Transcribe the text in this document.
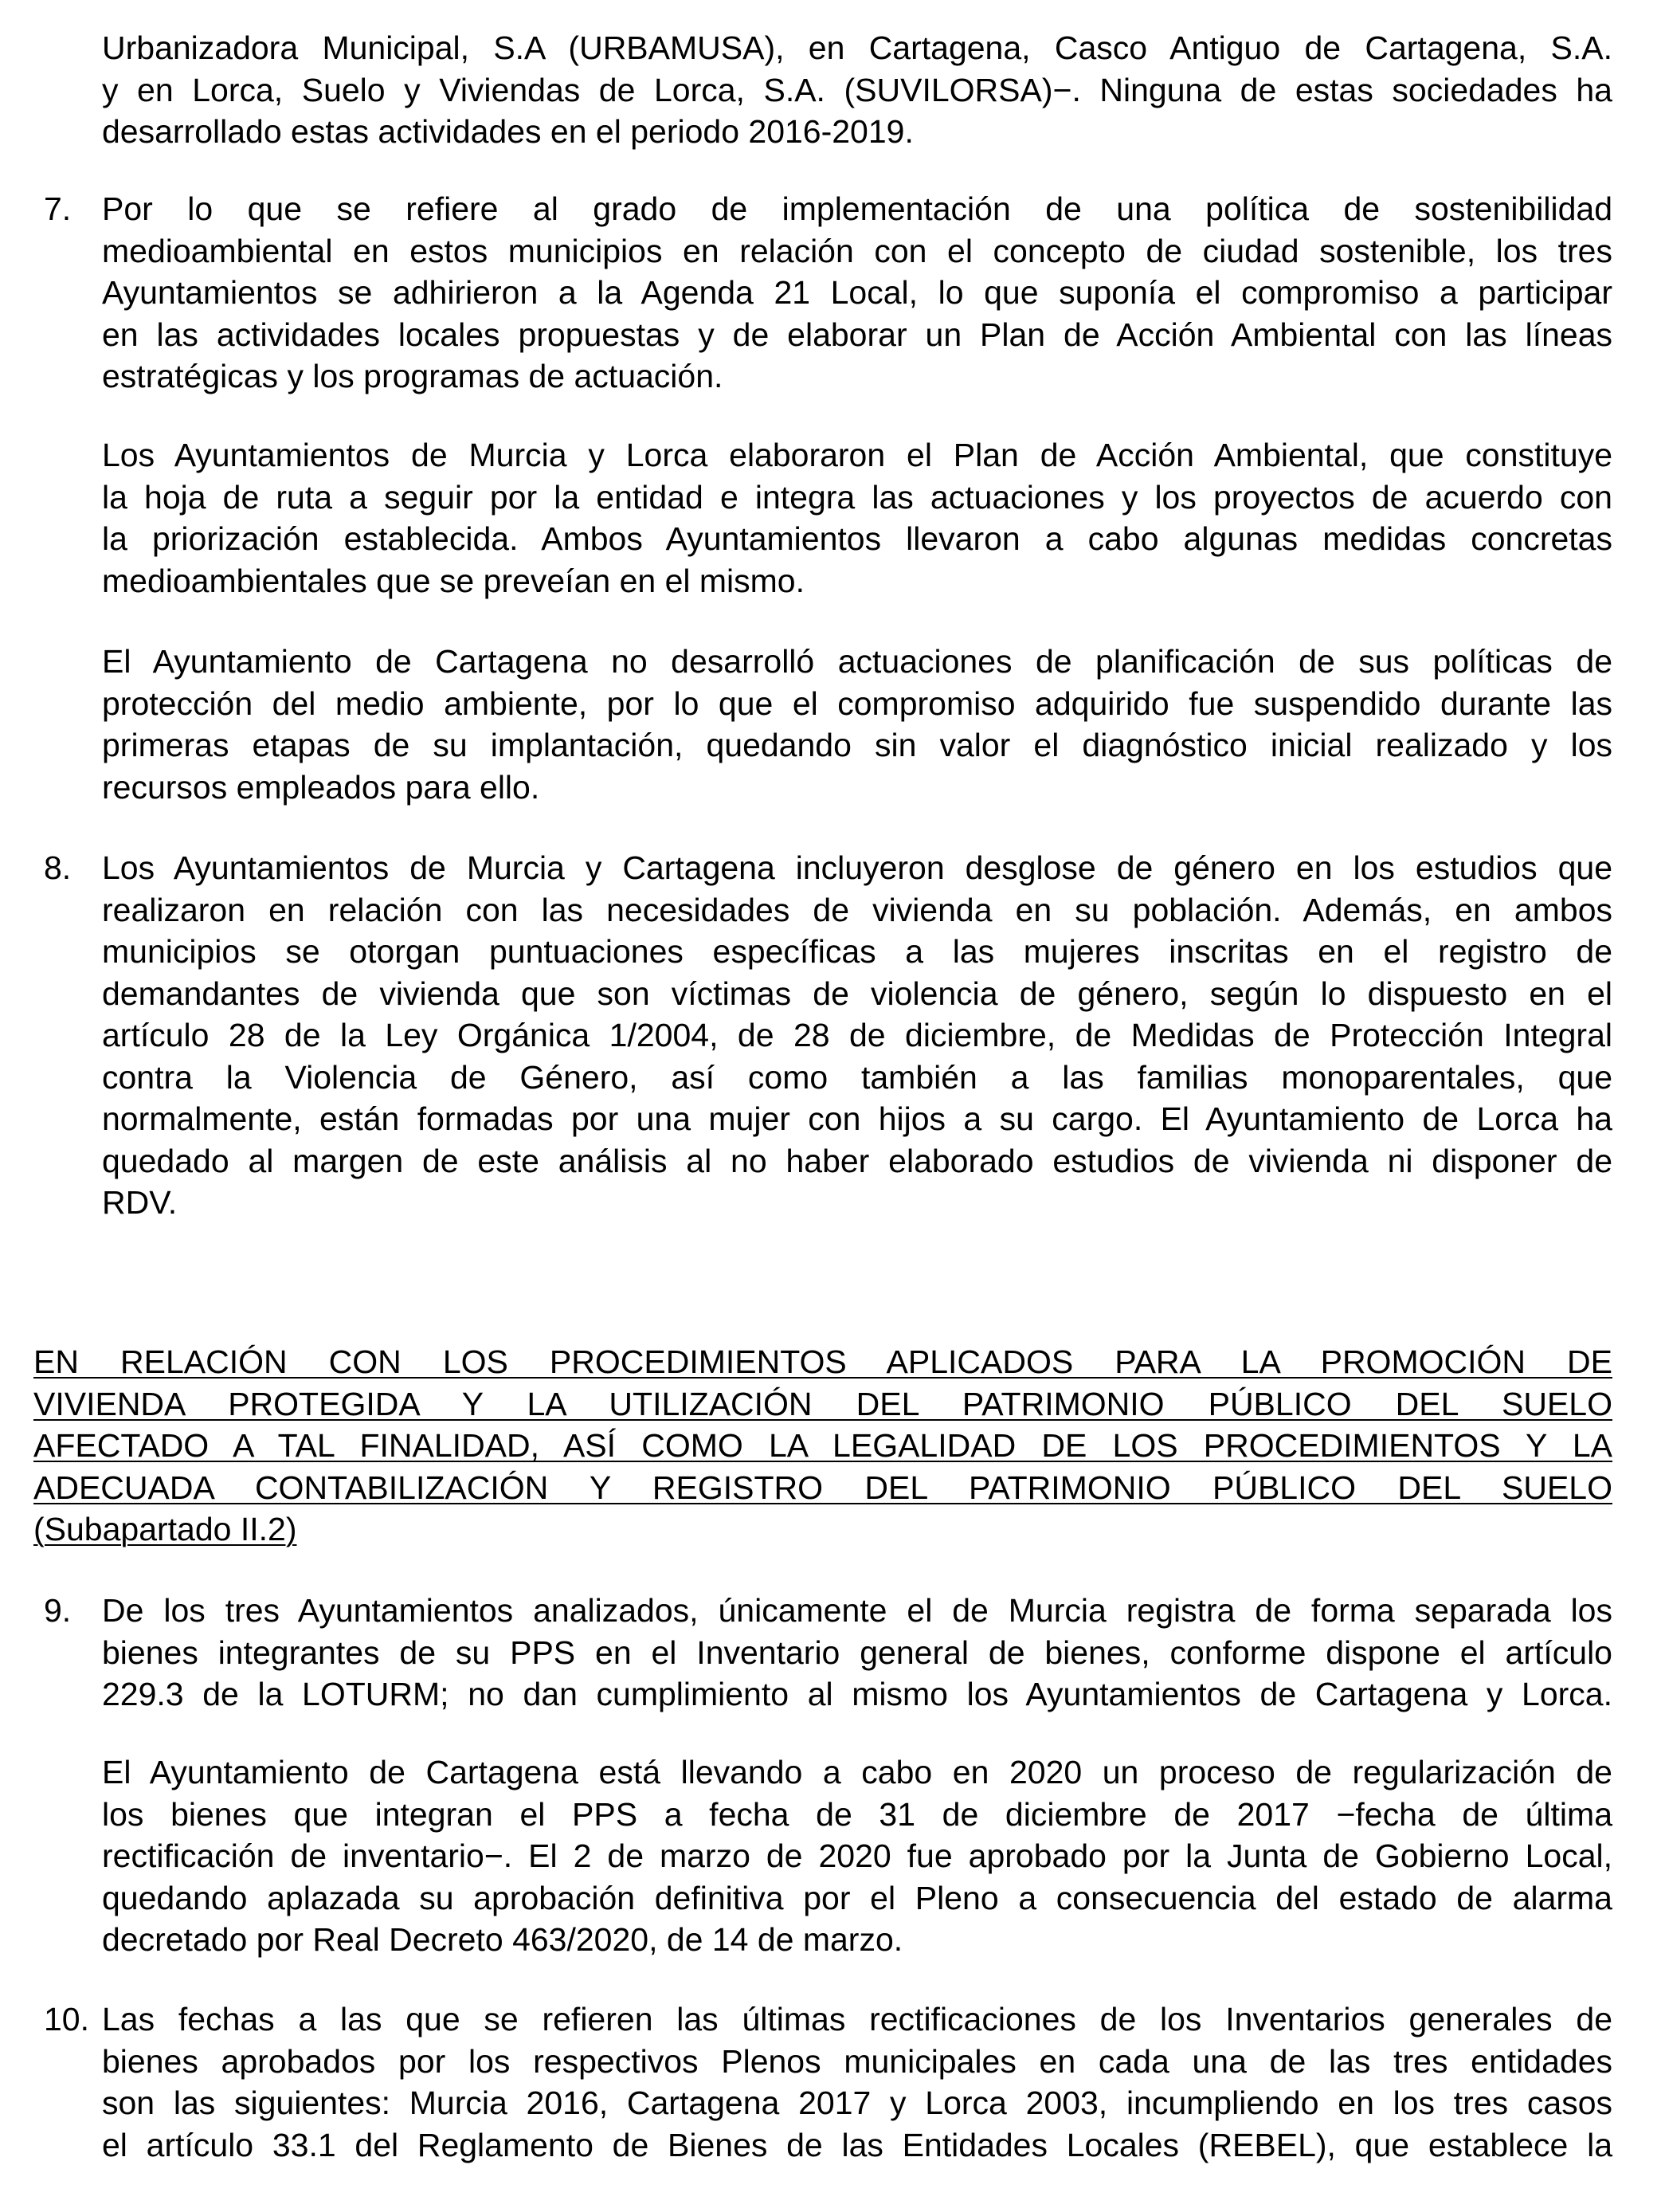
Urbanizadora Municipal, S.A (URBAMUSA), en Cartagena, Casco Antiguo de Cartagena, S.A.
y en Lorca, Suelo y Viviendas de Lorca, S.A. (SUVILORSA)−. Ninguna de estas sociedades ha
desarrollado estas actividades en el periodo 2016-2019.
7. Por lo que se refiere al grado de implementación de una política de sostenibilidad
medioambiental en estos municipios en relación con el concepto de ciudad sostenible, los tres
Ayuntamientos se adhirieron a la Agenda 21 Local, lo que suponía el compromiso a participar
en las actividades locales propuestas y de elaborar un Plan de Acción Ambiental con las líneas
estratégicas y los programas de actuación.
Los Ayuntamientos de Murcia y Lorca elaboraron el Plan de Acción Ambiental, que constituye
la hoja de ruta a seguir por la entidad e integra las actuaciones y los proyectos de acuerdo con
la priorización establecida. Ambos Ayuntamientos llevaron a cabo algunas medidas concretas
medioambientales que se preveían en el mismo.
El Ayuntamiento de Cartagena no desarrolló actuaciones de planificación de sus políticas de
protección del medio ambiente, por lo que el compromiso adquirido fue suspendido durante las
primeras etapas de su implantación, quedando sin valor el diagnóstico inicial realizado y los
recursos empleados para ello.
8. Los Ayuntamientos de Murcia y Cartagena incluyeron desglose de género en los estudios que
realizaron en relación con las necesidades de vivienda en su población. Además, en ambos
municipios se otorgan puntuaciones específicas a las mujeres inscritas en el registro de
demandantes de vivienda que son víctimas de violencia de género, según lo dispuesto en el
artículo 28 de la Ley Orgánica 1/2004, de 28 de diciembre, de Medidas de Protección Integral
contra la Violencia de Género, así como también a las familias monoparentales, que
normalmente, están formadas por una mujer con hijos a su cargo. El Ayuntamiento de Lorca ha
quedado al margen de este análisis al no haber elaborado estudios de vivienda ni disponer de
RDV.
EN RELACIÓN CON LOS PROCEDIMIENTOS APLICADOS PARA LA PROMOCIÓN DE
VIVIENDA PROTEGIDA Y LA UTILIZACIÓN DEL PATRIMONIO PÚBLICO DEL SUELO
AFECTADO A TAL FINALIDAD, ASÍ COMO LA LEGALIDAD DE LOS PROCEDIMIENTOS Y LA
ADECUADA CONTABILIZACIÓN Y REGISTRO DEL PATRIMONIO PÚBLICO DEL SUELO
(Subapartado II.2)
9. De los tres Ayuntamientos analizados, únicamente el de Murcia registra de forma separada los
bienes integrantes de su PPS en el Inventario general de bienes, conforme dispone el artículo
229.3 de la LOTURM; no dan cumplimiento al mismo los Ayuntamientos de Cartagena y Lorca.
El Ayuntamiento de Cartagena está llevando a cabo en 2020 un proceso de regularización de
los bienes que integran el PPS a fecha de 31 de diciembre de 2017 −fecha de última
rectificación de inventario−. El 2 de marzo de 2020 fue aprobado por la Junta de Gobierno Local,
quedando aplazada su aprobación definitiva por el Pleno a consecuencia del estado de alarma
decretado por Real Decreto 463/2020, de 14 de marzo.
10. Las fechas a las que se refieren las últimas rectificaciones de los Inventarios generales de
bienes aprobados por los respectivos Plenos municipales en cada una de las tres entidades
son las siguientes: Murcia 2016, Cartagena 2017 y Lorca 2003, incumpliendo en los tres casos
el artículo 33.1 del Reglamento de Bienes de las Entidades Locales (REBEL), que establece la
